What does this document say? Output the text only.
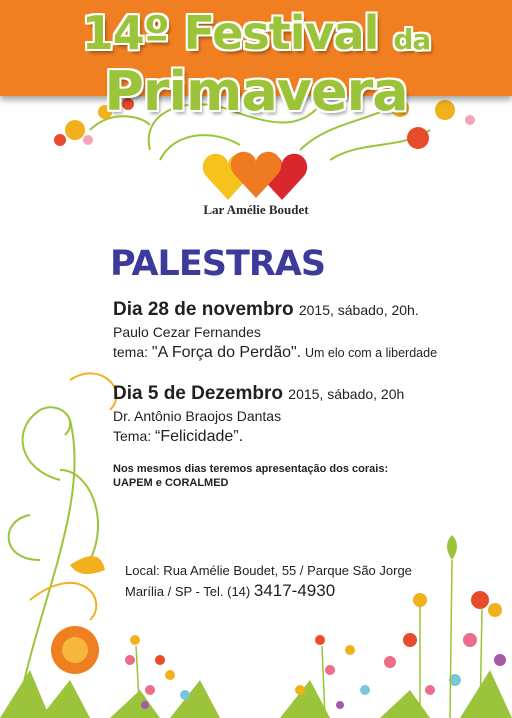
14º Festival da Primavera
Lar Amélie Boudet
PALESTRAS

Dia 28 de novembro 2015, sábado, 20h.

Paulo Cezar Fernandes

tema: "A Força do Perdão". Um elo com a liberdade

Dia 5 de Dezembro 2015, sábado, 20h

Dr. Antônio Braojos Dantas

Tema: “Felicidade”.

Nos mesmos dias teremos apresentação dos corais:
UAPEM e CORALMED
Local: Rua Amélie Boudet, 55 / Parque São Jorge
Marília / SP - Tel. (14) 3417-4930
